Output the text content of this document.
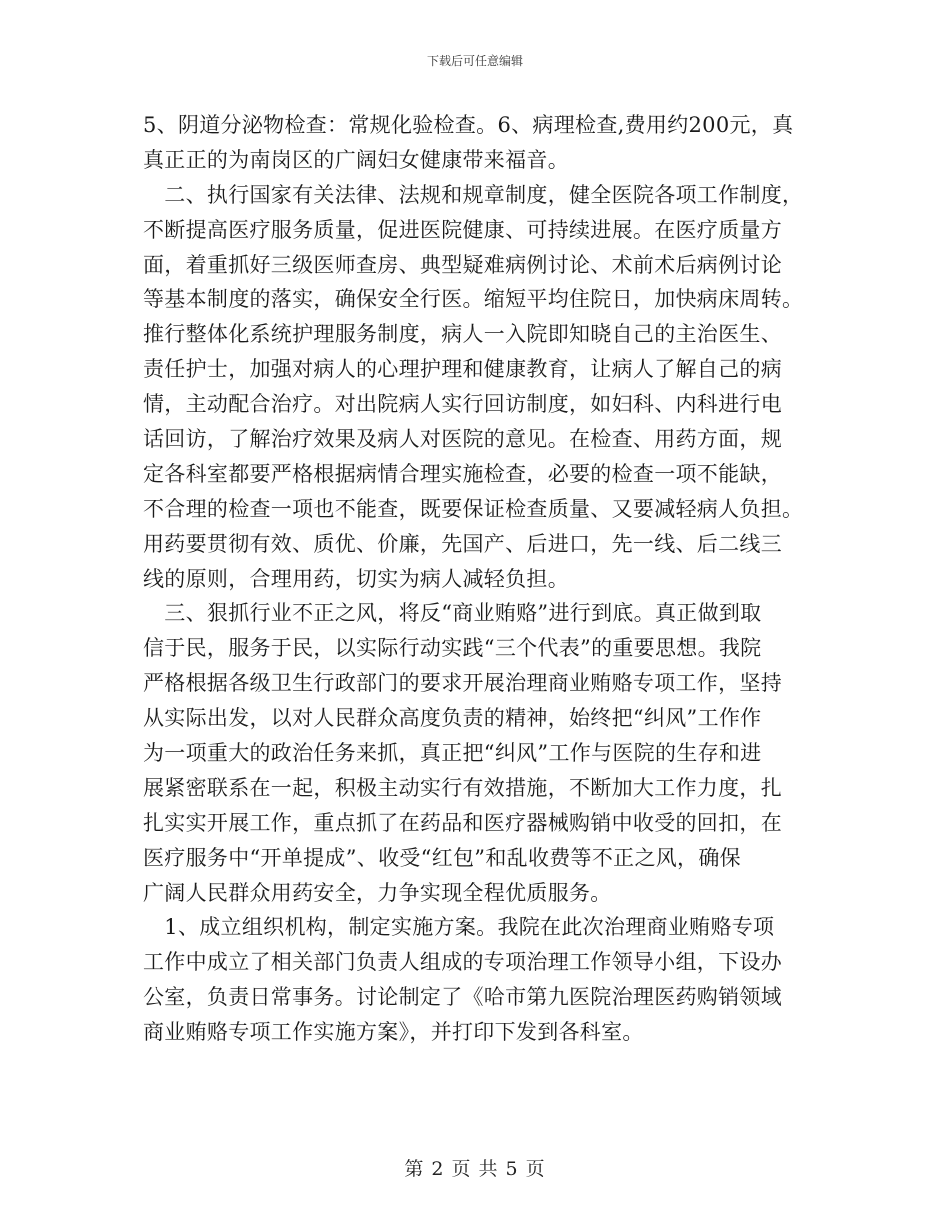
下载后可任意编辑
5、阴道分泌物检查：常规化验检查。6、病理检查,费用约200元，真
真正正的为南岗区的广阔妇女健康带来福音。
　二、执行国家有关法律、法规和规章制度，健全医院各项工作制度，
不断提高医疗服务质量，促进医院健康、可持续进展。在医疗质量方
面，着重抓好三级医师查房、典型疑难病例讨论、术前术后病例讨论
等基本制度的落实，确保安全行医。缩短平均住院日，加快病床周转。
推行整体化系统护理服务制度，病人一入院即知晓自己的主治医生、
责任护士，加强对病人的心理护理和健康教育，让病人了解自己的病
情，主动配合治疗。对出院病人实行回访制度，如妇科、内科进行电
话回访，了解治疗效果及病人对医院的意见。在检查、用药方面，规
定各科室都要严格根据病情合理实施检查，必要的检查一项不能缺，
不合理的检查一项也不能查，既要保证检查质量、又要减轻病人负担。
用药要贯彻有效、质优、价廉，先国产、后进口，先一线、后二线三
线的原则，合理用药，切实为病人减轻负担。
　三、狠抓行业不正之风，将反“商业贿赂”进行到底。真正做到取
信于民，服务于民，以实际行动实践“三个代表”的重要思想。我院
严格根据各级卫生行政部门的要求开展治理商业贿赂专项工作，坚持
从实际出发，以对人民群众高度负责的精神，始终把“纠风”工作作
为一项重大的政治任务来抓，真正把“纠风”工作与医院的生存和进
展紧密联系在一起，积极主动实行有效措施，不断加大工作力度，扎
扎实实开展工作，重点抓了在药品和医疗器械购销中收受的回扣，在
医疗服务中“开单提成”、收受“红包”和乱收费等不正之风，确保
广阔人民群众用药安全，力争实现全程优质服务。
　1、成立组织机构，制定实施方案。我院在此次治理商业贿赂专项
工作中成立了相关部门负责人组成的专项治理工作领导小组，下设办
公室，负责日常事务。讨论制定了《哈市第九医院治理医药购销领域
商业贿赂专项工作实施方案》，并打印下发到各科室。
第 2 页 共 5 页
